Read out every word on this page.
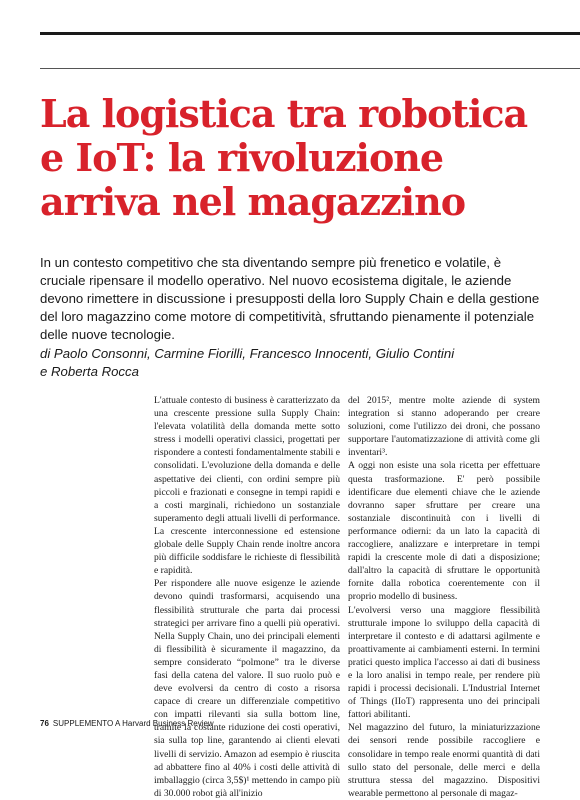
La logistica tra robotica
e IoT: la rivoluzione
arriva nel magazzino

In un contesto competitivo che sta diventando sempre più frenetico e volatile, è cruciale ripensare il modello operativo. Nel nuovo ecosistema digitale, le aziende devono rimettere in discussione i presupposti della loro Supply Chain e della gestione del loro magazzino come motore di competitività, sfruttando pienamente il potenziale delle nuove tecnologie.

di Paolo Consonni, Carmine Fiorilli, Francesco Innocenti, Giulio Contini
e Roberta Rocca

L'attuale contesto di business è caratterizzato da una crescente pressione sulla Supply Chain: l'elevata volatilità della domanda mette sotto stress i modelli operativi classici, progettati per rispondere a contesti fondamentalmente stabili e consolidati. L'evoluzione della domanda e delle aspettative dei clienti, con ordini sempre più piccoli e frazionati e consegne in tempi rapidi e a costi marginali, richiedono un sostanziale superamento degli attuali livelli di performance. La crescente interconnessione ed estensione globale delle Supply Chain rende inoltre ancora più difficile soddisfare le richieste di flessibilità e rapidità.

Per rispondere alle nuove esigenze le aziende devono quindi trasformarsi, acquisendo una flessibilità strutturale che parta dai processi strategici per arrivare fino a quelli più operativi. Nella Supply Chain, uno dei principali elementi di flessibilità è sicuramente il magazzino, da sempre considerato “polmone” tra le diverse fasi della catena del valore. Il suo ruolo può e deve evolversi da centro di costo a risorsa capace di creare un differenziale competitivo con impatti rilevanti sia sulla bottom line, tramite la costante riduzione dei costi operativi, sia sulla top line, garantendo ai clienti elevati livelli di servizio. Amazon ad esempio è riuscita ad abbattere fino al 40% i costi delle attività di imballaggio (circa 3,5$)¹ mettendo in campo più di 30.000 robot già all'inizio

del 2015², mentre molte aziende di system integration si stanno adoperando per creare soluzioni, come l'utilizzo dei droni, che possano supportare l'automatizzazione di attività come gli inventari³.

A oggi non esiste una sola ricetta per effettuare questa trasformazione. E' però possibile identificare due elementi chiave che le aziende dovranno saper sfruttare per creare una sostanziale discontinuità con i livelli di performance odierni: da un lato la capacità di raccogliere, analizzare e interpretare in tempi rapidi la crescente mole di dati a disposizione; dall'altro la capacità di sfruttare le opportunità fornite dalla robotica coerentemente con il proprio modello di business.

L'evolversi verso una maggiore flessibilità strutturale impone lo sviluppo della capacità di interpretare il contesto e di adattarsi agilmente e proattivamente ai cambiamenti esterni. In termini pratici questo implica l'accesso ai dati di business e la loro analisi in tempo reale, per rendere più rapidi i processi decisionali. L'Industrial Internet of Things (IIoT) rappresenta uno dei principali fattori abilitanti.

Nel magazzino del futuro, la miniaturizzazione dei sensori rende possibile raccogliere e consolidare in tempo reale enormi quantità di dati sullo stato del personale, delle merci e della struttura stessa del magazzino. Dispositivi wearable permettono al personale di magaz-

76 SUPPLEMENTO A Harvard Business Review
